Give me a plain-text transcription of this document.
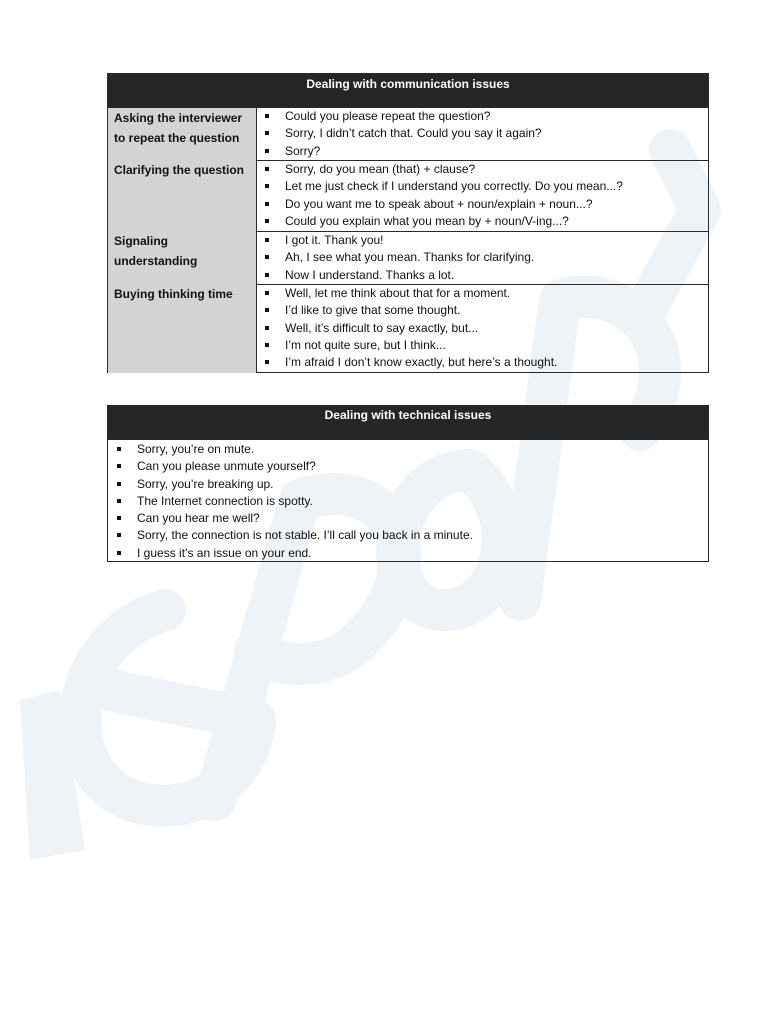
Dealing with communication issues
Asking the interviewer to repeat the question
Clarifying the question
Signaling understanding
Buying thinking time
Could you please repeat the question?
Sorry, I didn’t catch that. Could you say it again?
Sorry?
Sorry, do you mean (that) + clause?
Let me just check if I understand you correctly. Do you mean...?
Do you want me to speak about + noun/explain + noun...?
Could you explain what you mean by + noun/V-ing...?
I got it. Thank you!
Ah, I see what you mean. Thanks for clarifying.
Now I understand. Thanks a lot.
Well, let me think about that for a moment.
I’d like to give that some thought.
Well, it’s difficult to say exactly, but...
I’m not quite sure, but I think...
I’m afraid I don’t know exactly, but here’s a thought.
Dealing with technical issues
Sorry, you’re on mute.
Can you please unmute yourself?
Sorry, you’re breaking up.
The Internet connection is spotty.
Can you hear me well?
Sorry, the connection is not stable. I’ll call you back in a minute.
I guess it’s an issue on your end.
